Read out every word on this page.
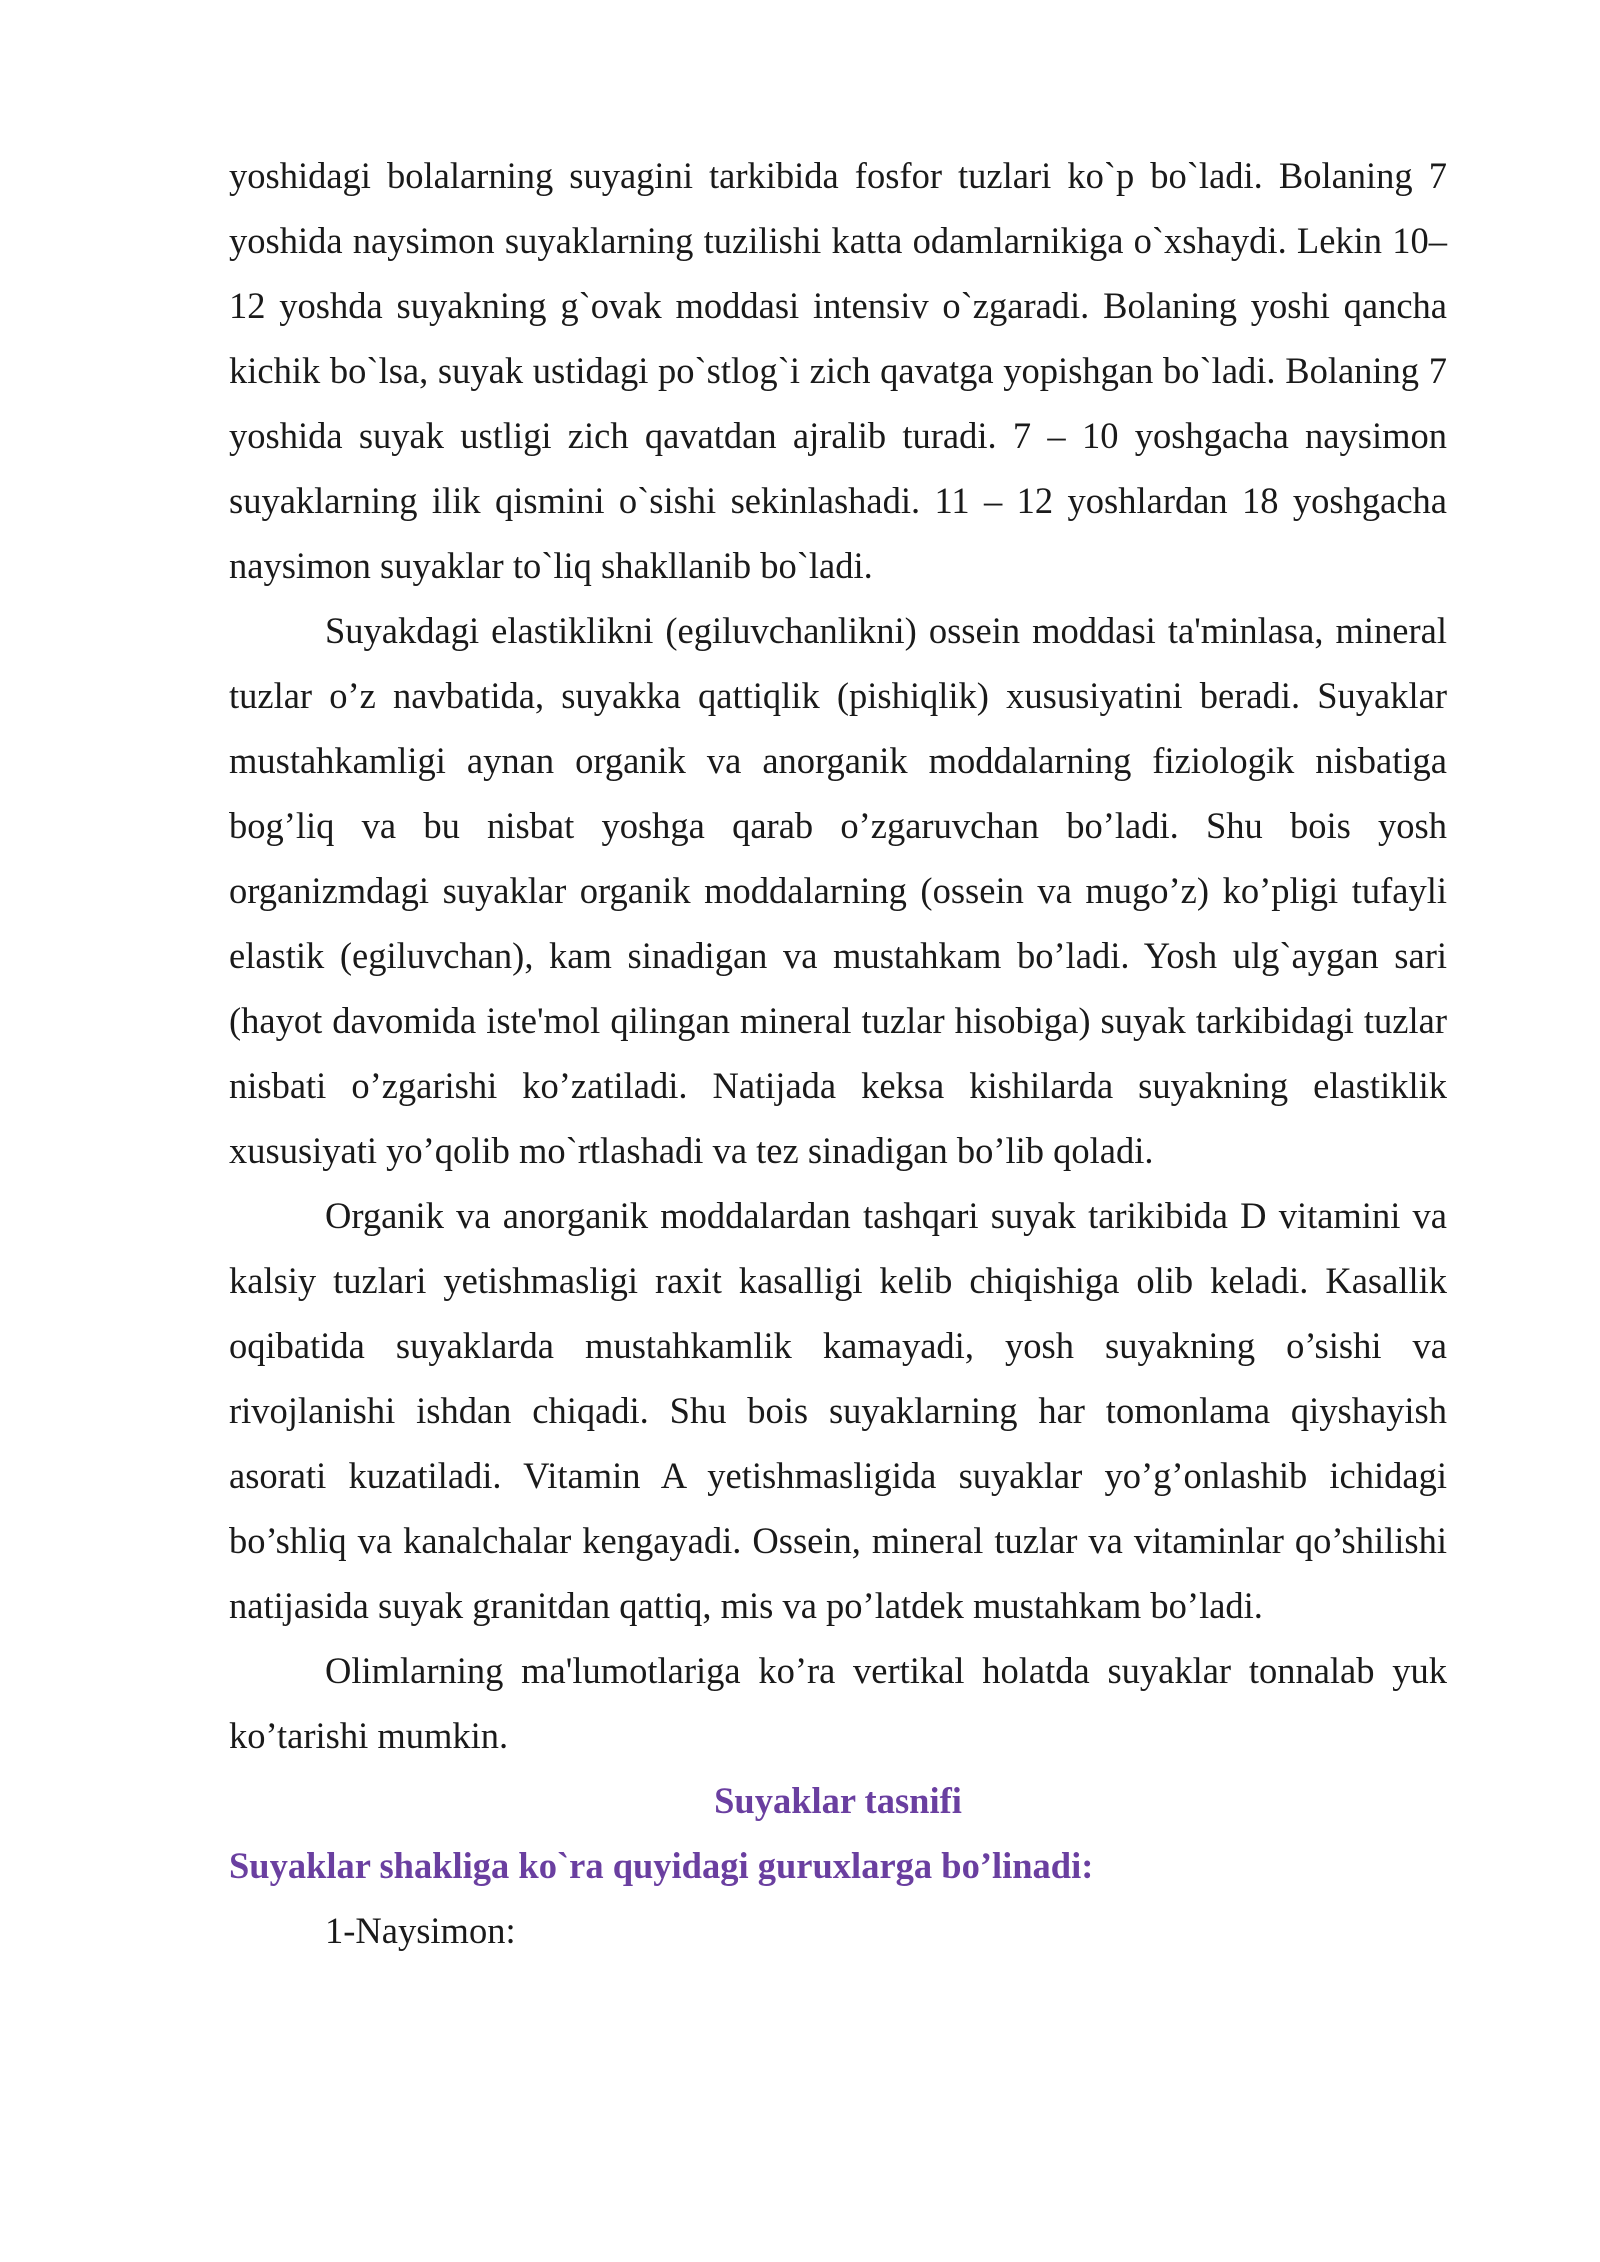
yoshidagi bolalarning suyagini tarkibida fosfor tuzlari ko`p bo`ladi. Bolaning 7 yoshida naysimon suyaklarning tuzilishi katta odamlarnikiga o`xshaydi. Lekin 10–12 yoshda suyakning g`ovak moddasi intensiv o`zgaradi. Bolaning yoshi qancha kichik bo`lsa, suyak ustidagi po`stlog`i zich qavatga yopishgan bo`ladi. Bolaning 7 yoshida suyak ustligi zich qavatdan ajralib turadi. 7 – 10 yoshgacha naysimon suyaklarning ilik qismini o`sishi sekinlashadi. 11 – 12 yoshlardan 18 yoshgacha naysimon suyaklar to`liq shakllanib bo`ladi.

Suyakdagi elastiklikni (egiluvchanlikni) ossein moddasi ta'minlasa, mineral tuzlar o’z navbatida, suyakka qattiqlik (pishiqlik) xususiyatini beradi. Suyaklar mustahkamligi aynan organik va anorganik moddalarning fiziologik nisbatiga bog’liq va bu nisbat yoshga qarab o’zgaruvchan bo’ladi. Shu bois yosh organizmdagi suyaklar organik moddalarning (ossein va mugo’z) ko’pligi tufayli elastik (egiluvchan), kam sinadigan va mustahkam bo’ladi. Yosh ulg`aygan sari (hayot davomida iste'mol qilingan mineral tuzlar hisobiga) suyak tarkibidagi tuzlar nisbati o’zgarishi ko’zatiladi. Natijada keksa kishilarda suyakning elastiklik xususiyati yo’qolib mo`rtlashadi va tez sinadigan bo’lib qoladi.

Organik va anorganik moddalardan tashqari suyak tarikibida D vitamini va kalsiy tuzlari yetishmasligi raxit kasalligi kelib chiqishiga olib keladi. Kasallik oqibatida suyaklarda mustahkamlik kamayadi, yosh suyakning o’sishi va rivojlanishi ishdan chiqadi. Shu bois suyaklarning har tomonlama qiyshayish asorati kuzatiladi. Vitamin A yetishmasligida suyaklar yo’g’onlashib ichidagi bo’shliq va kanalchalar kengayadi. Ossein, mineral tuzlar va vitaminlar qo’shilishi natijasida suyak granitdan qattiq, mis va po’latdek mustahkam bo’ladi.

Olimlarning ma'lumotlariga ko’ra vertikal holatda suyaklar tonnalab yuk ko’tarishi mumkin.

Suyaklar tasnifi

Suyaklar shakliga ko`ra quyidagi guruxlarga bo’linadi:

1-Naysimon:
